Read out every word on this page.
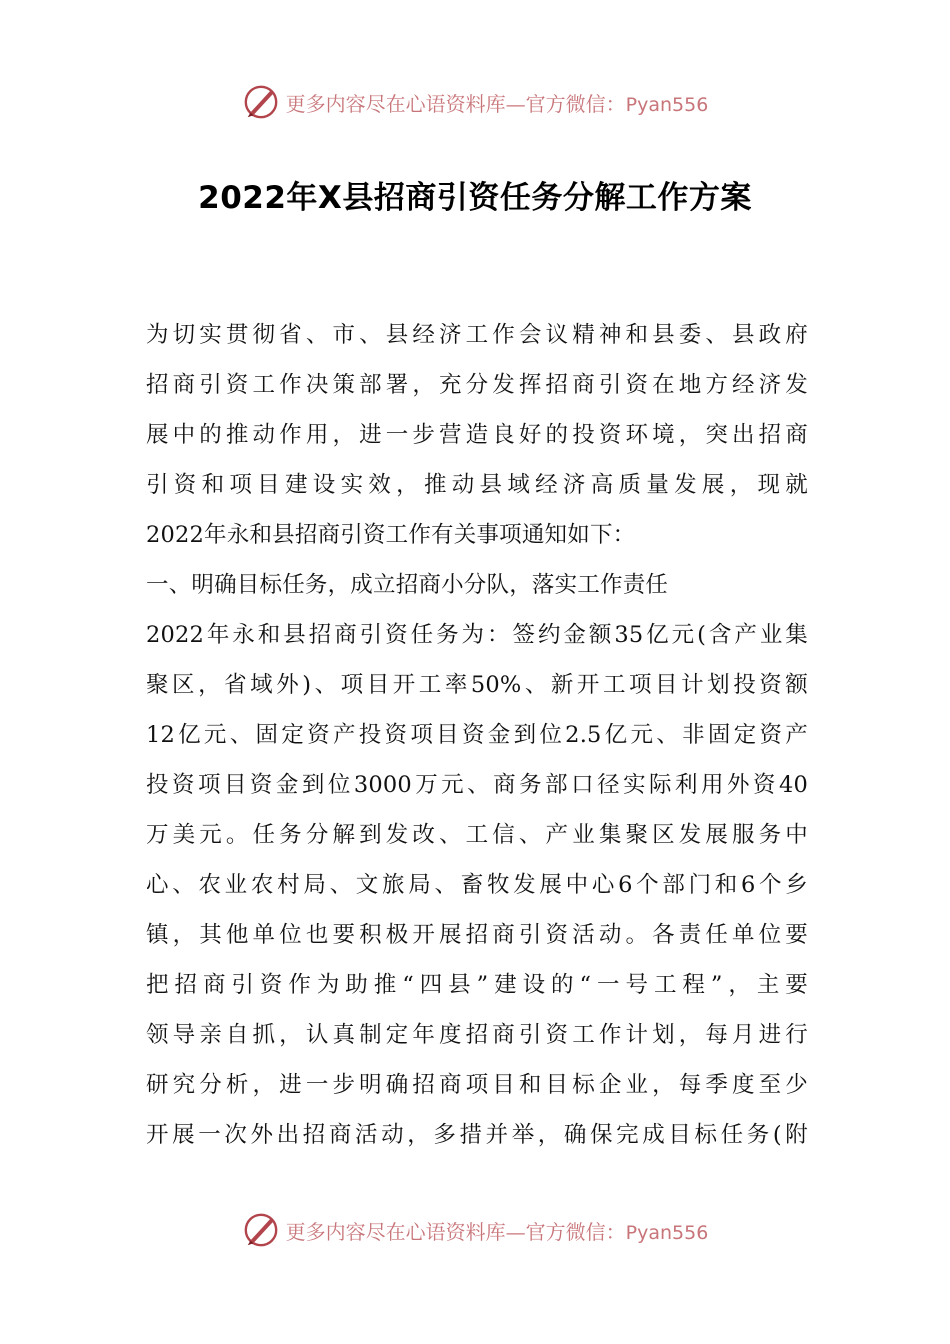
更多内容尽在心语资料库—官方微信：Pyan556
2022年X县招商引资任务分解工作方案
为切实贯彻省、市、县经济工作会议精神和县委、县政府
招商引资工作决策部署，充分发挥招商引资在地方经济发
展中的推动作用，进一步营造良好的投资环境，突出招商
引资和项目建设实效，推动县域经济高质量发展，现就
2022年永和县招商引资工作有关事项通知如下：
一、明确目标任务，成立招商小分队，落实工作责任
2022年永和县招商引资任务为：签约金额35亿元(含产业集
聚区，省域外)、项目开工率50%、新开工项目计划投资额
12亿元、固定资产投资项目资金到位2.5亿元、非固定资产
投资项目资金到位3000万元、商务部口径实际利用外资40
万美元。任务分解到发改、工信、产业集聚区发展服务中
心、农业农村局、文旅局、畜牧发展中心6个部门和6个乡
镇，其他单位也要积极开展招商引资活动。各责任单位要
把招商引资作为助推“四县”建设的“一号工程”，主要
领导亲自抓，认真制定年度招商引资工作计划，每月进行
研究分析，进一步明确招商项目和目标企业，每季度至少
开展一次外出招商活动，多措并举，确保完成目标任务(附
更多内容尽在心语资料库—官方微信：Pyan556
